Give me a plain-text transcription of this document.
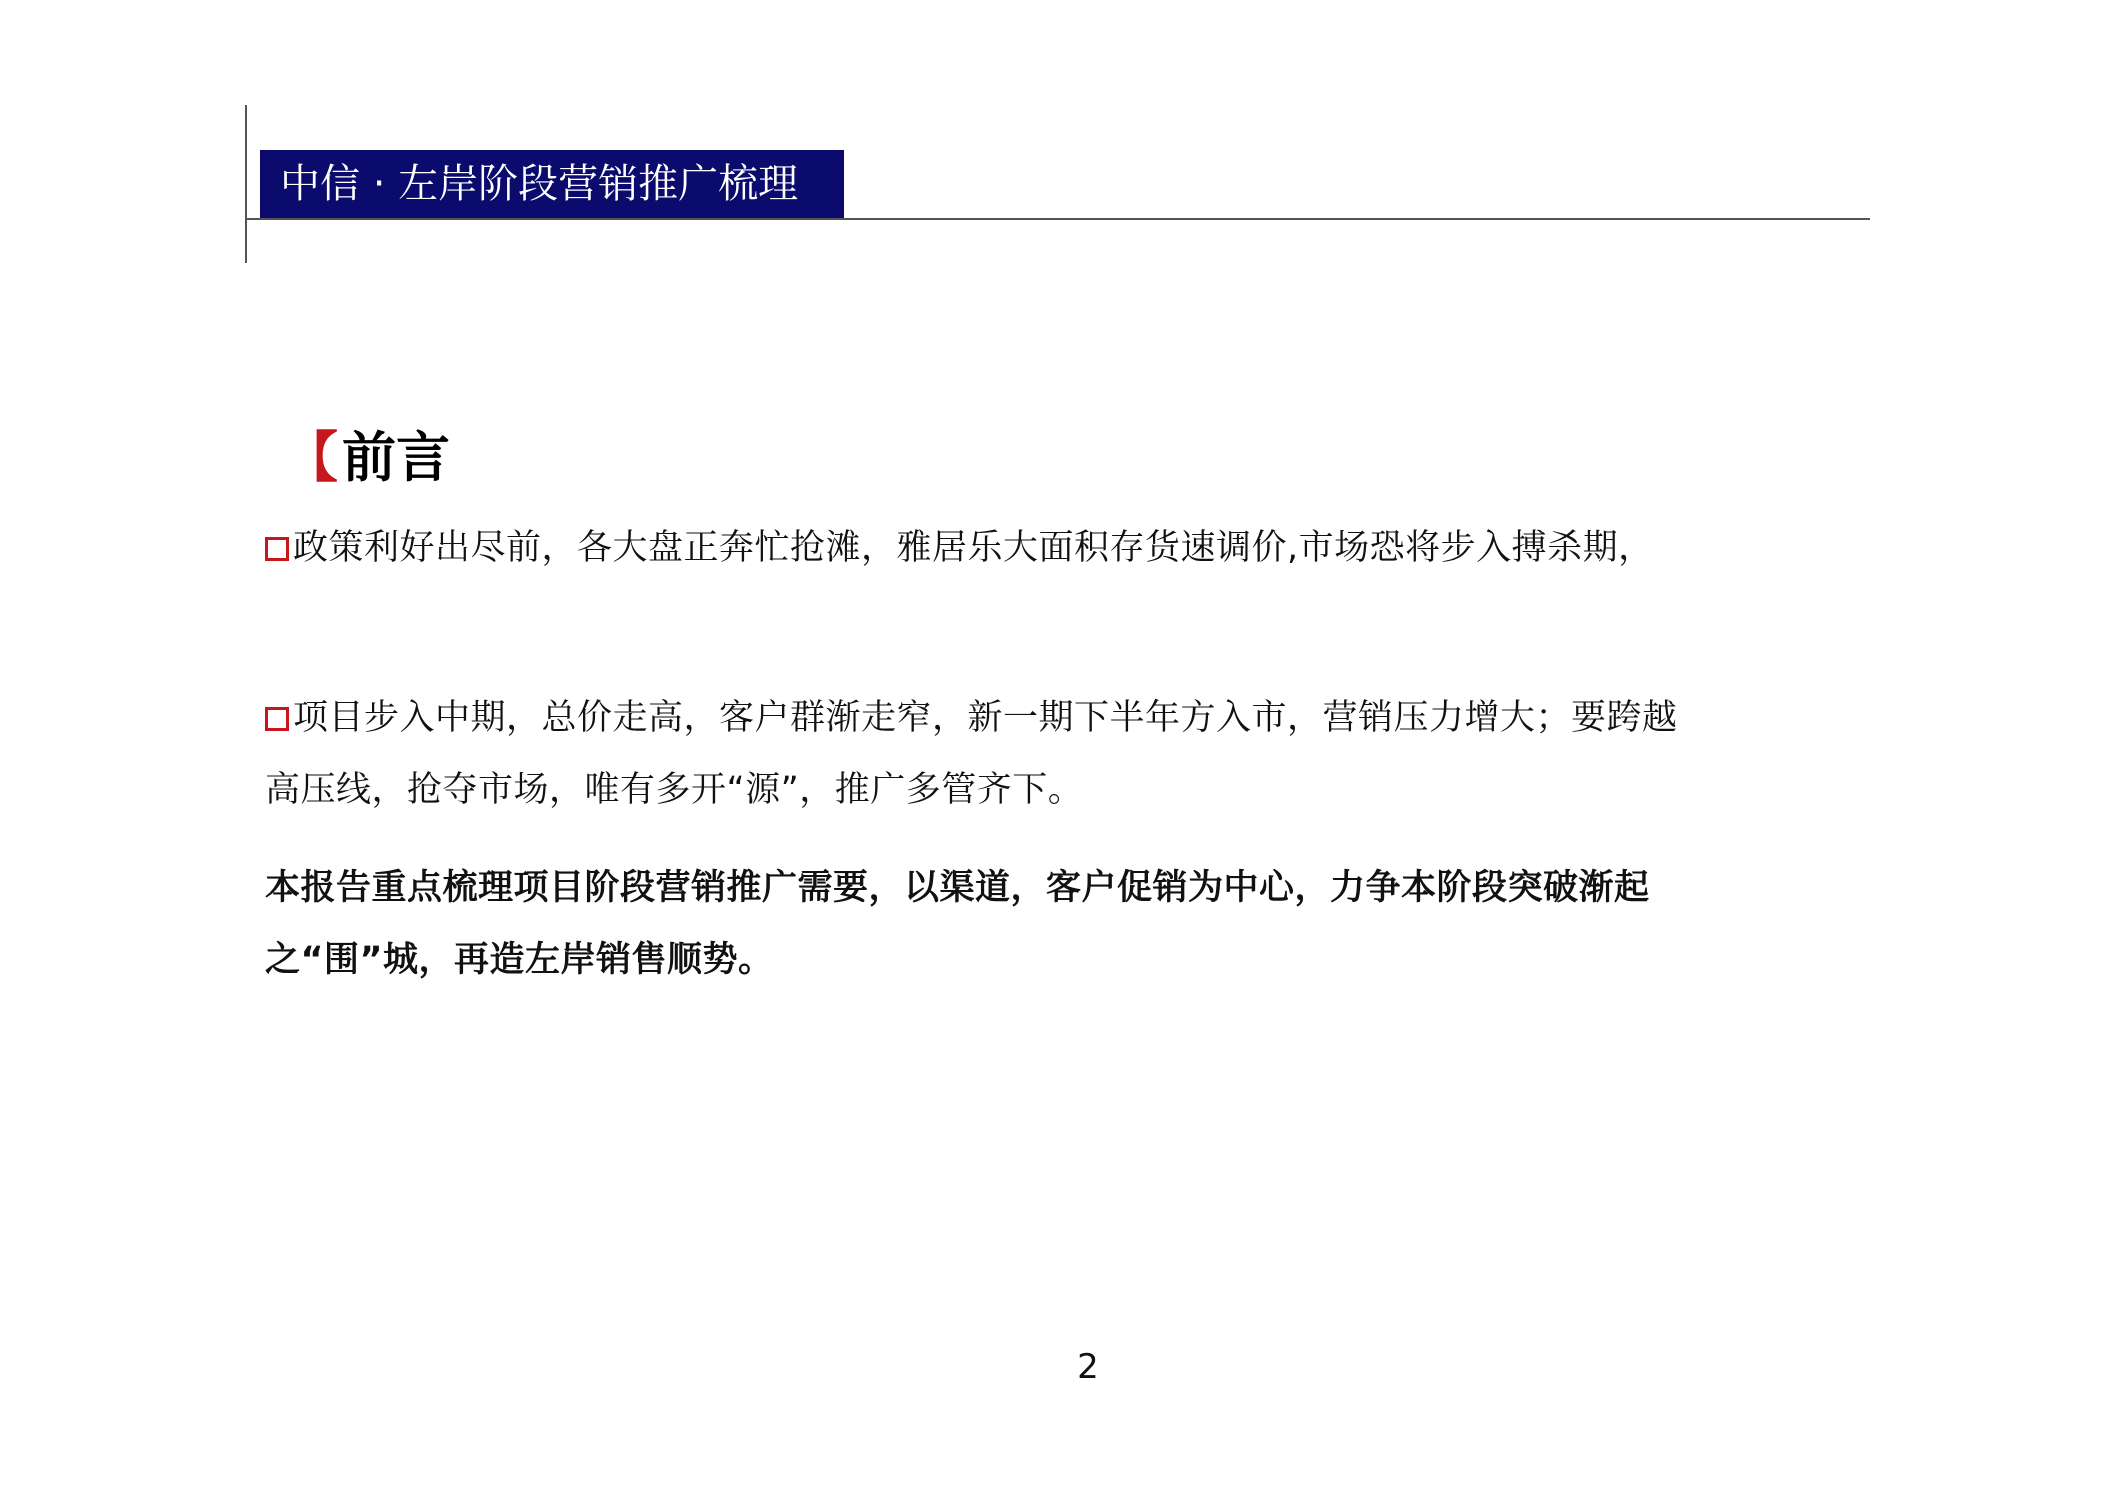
中信 · 左岸阶段营销推广梳理
【 前言
政策利好出尽前，各大盘正奔忙抢滩，雅居乐大面积存货速调价,市场恐将步入搏杀期，
项目步入中期，总价走高，客户群渐走窄，新一期下半年方入市，营销压力增大；要跨越高压线，抢夺市场，唯有多开“源”，推广多管齐下。
本报告重点梳理项目阶段营销推广需要，以渠道，客户促销为中心，力争本阶段突破渐起之“围”城，再造左岸销售顺势。
2
